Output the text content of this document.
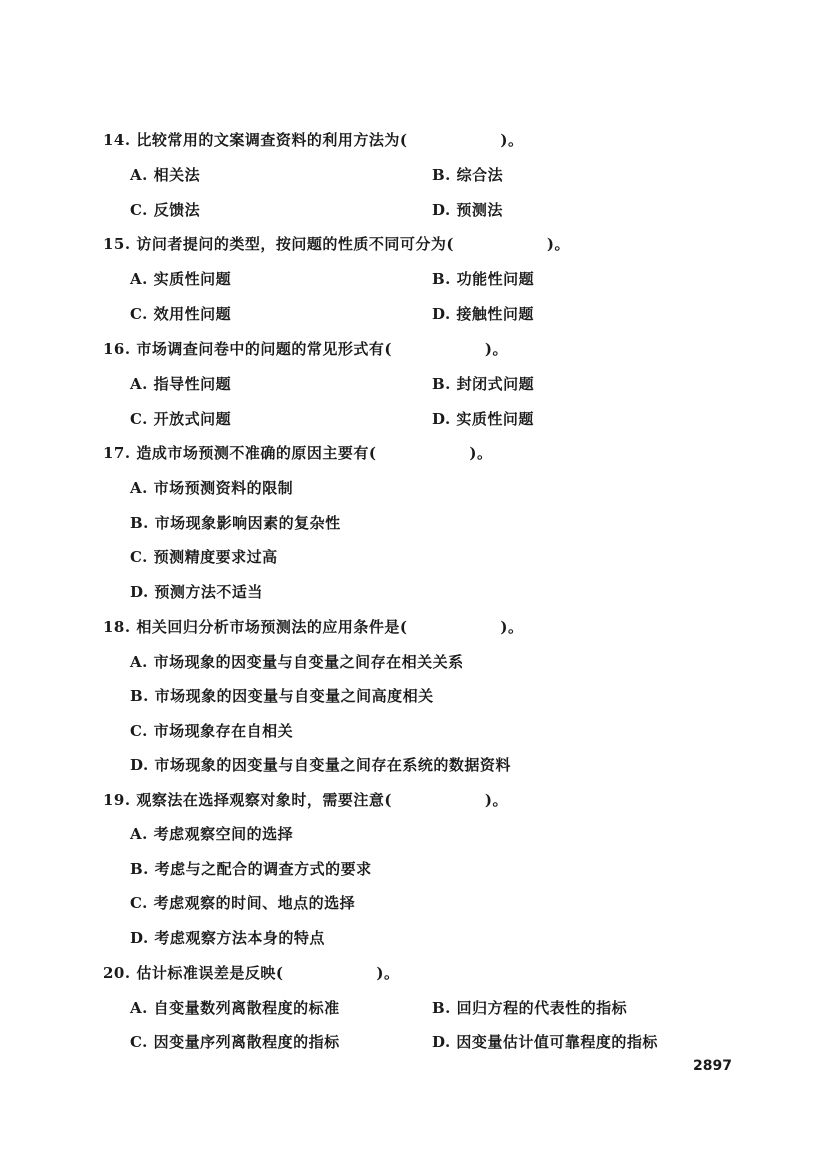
14. 比较常用的文案调查资料的利用方法为(　　　　　　)。
A. 相关法	B. 综合法
C. 反馈法	D. 预测法
15. 访问者提问的类型，按问题的性质不同可分为(　　　　　　)。
A. 实质性问题	B. 功能性问题
C. 效用性问题	D. 接触性问题
16. 市场调查问卷中的问题的常见形式有(　　　　　　)。
A. 指导性问题	B. 封闭式问题
C. 开放式问题	D. 实质性问题
17. 造成市场预测不准确的原因主要有(　　　　　　)。
A. 市场预测资料的限制
B. 市场现象影响因素的复杂性
C. 预测精度要求过高
D. 预测方法不适当
18. 相关回归分析市场预测法的应用条件是(　　　　　　)。
A. 市场现象的因变量与自变量之间存在相关关系
B. 市场现象的因变量与自变量之间高度相关
C. 市场现象存在自相关
D. 市场现象的因变量与自变量之间存在系统的数据资料
19. 观察法在选择观察对象时，需要注意(　　　　　　)。
A. 考虑观察空间的选择
B. 考虑与之配合的调查方式的要求
C. 考虑观察的时间、地点的选择
D. 考虑观察方法本身的特点
20. 估计标准误差是反映(　　　　　　)。
A. 自变量数列离散程度的标准	B. 回归方程的代表性的指标
C. 因变量序列离散程度的指标	D. 因变量估计值可靠程度的指标
2897
